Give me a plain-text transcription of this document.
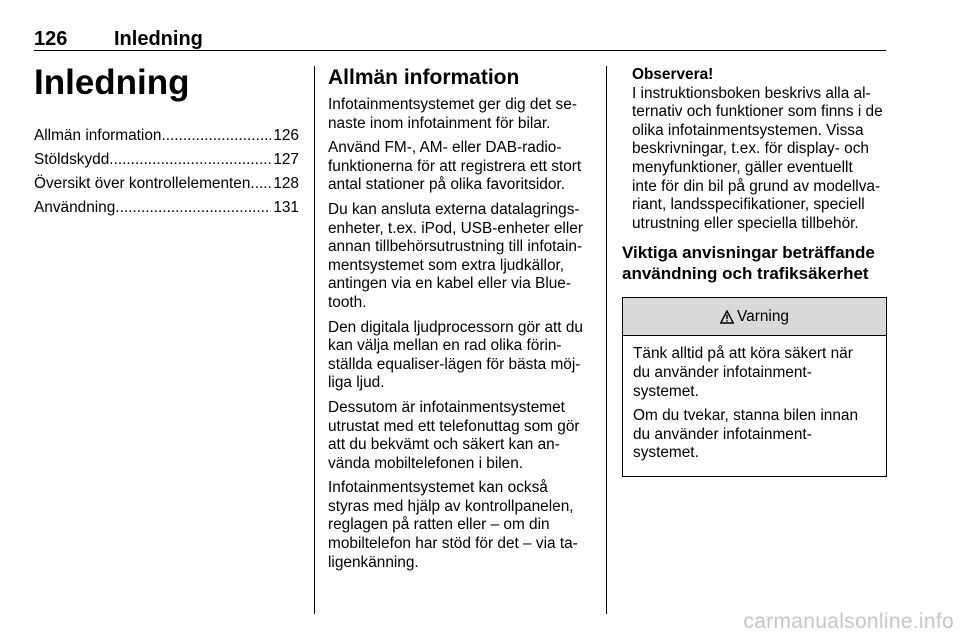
126 Inledning
Inledning
Allmän information .....	126
Stöldskydd .....	127
Översikt över kontrollelementen ..... 128
Användning .....	131
Allmän information

Infotainmentsystemet ger dig det se-
naste inom infotainment för bilar.

Använd FM-, AM- eller DAB-radio-
funktionerna för att registrera ett stort
antal stationer på olika favoritsidor.

Du kan ansluta externa datalagrings-
enheter, t.ex. iPod, USB-enheter eller
annan tillbehörsutrustning till infotain-
mentsystemet som extra ljudkällor,
antingen via en kabel eller via Blue-
tooth.

Den digitala ljudprocessorn gör att du
kan välja mellan en rad olika förin-
ställda equaliser-lägen för bästa möj-
liga ljud.

Dessutom är infotainmentsystemet
utrustat med ett telefonuttag som gör
att du bekvämt och säkert kan an-
vända mobiltelefonen i bilen.

Infotainmentsystemet kan också
styras med hjälp av kontrollpanelen,
reglagen på ratten eller – om din
mobiltelefon har stöd för det – via ta-
ligenkänning.

Observera!

I instruktionsboken beskrivs alla al-
ternativ och funktioner som finns i de
olika infotainmentsystemen. Vissa
beskrivningar, t.ex. för display- och
menyfunktioner, gäller eventuellt
inte för din bil på grund av modellva-
riant, landsspecifikationer, speciell
utrustning eller speciella tillbehör.

Viktiga anvisningar beträffande
användning och trafiksäkerhet
Varning

Tänk alltid på att köra säkert när
du använder infotainment-
systemet.

Om du tvekar, stanna bilen innan
du använder infotainment-
systemet.

carmanualsonline.info
